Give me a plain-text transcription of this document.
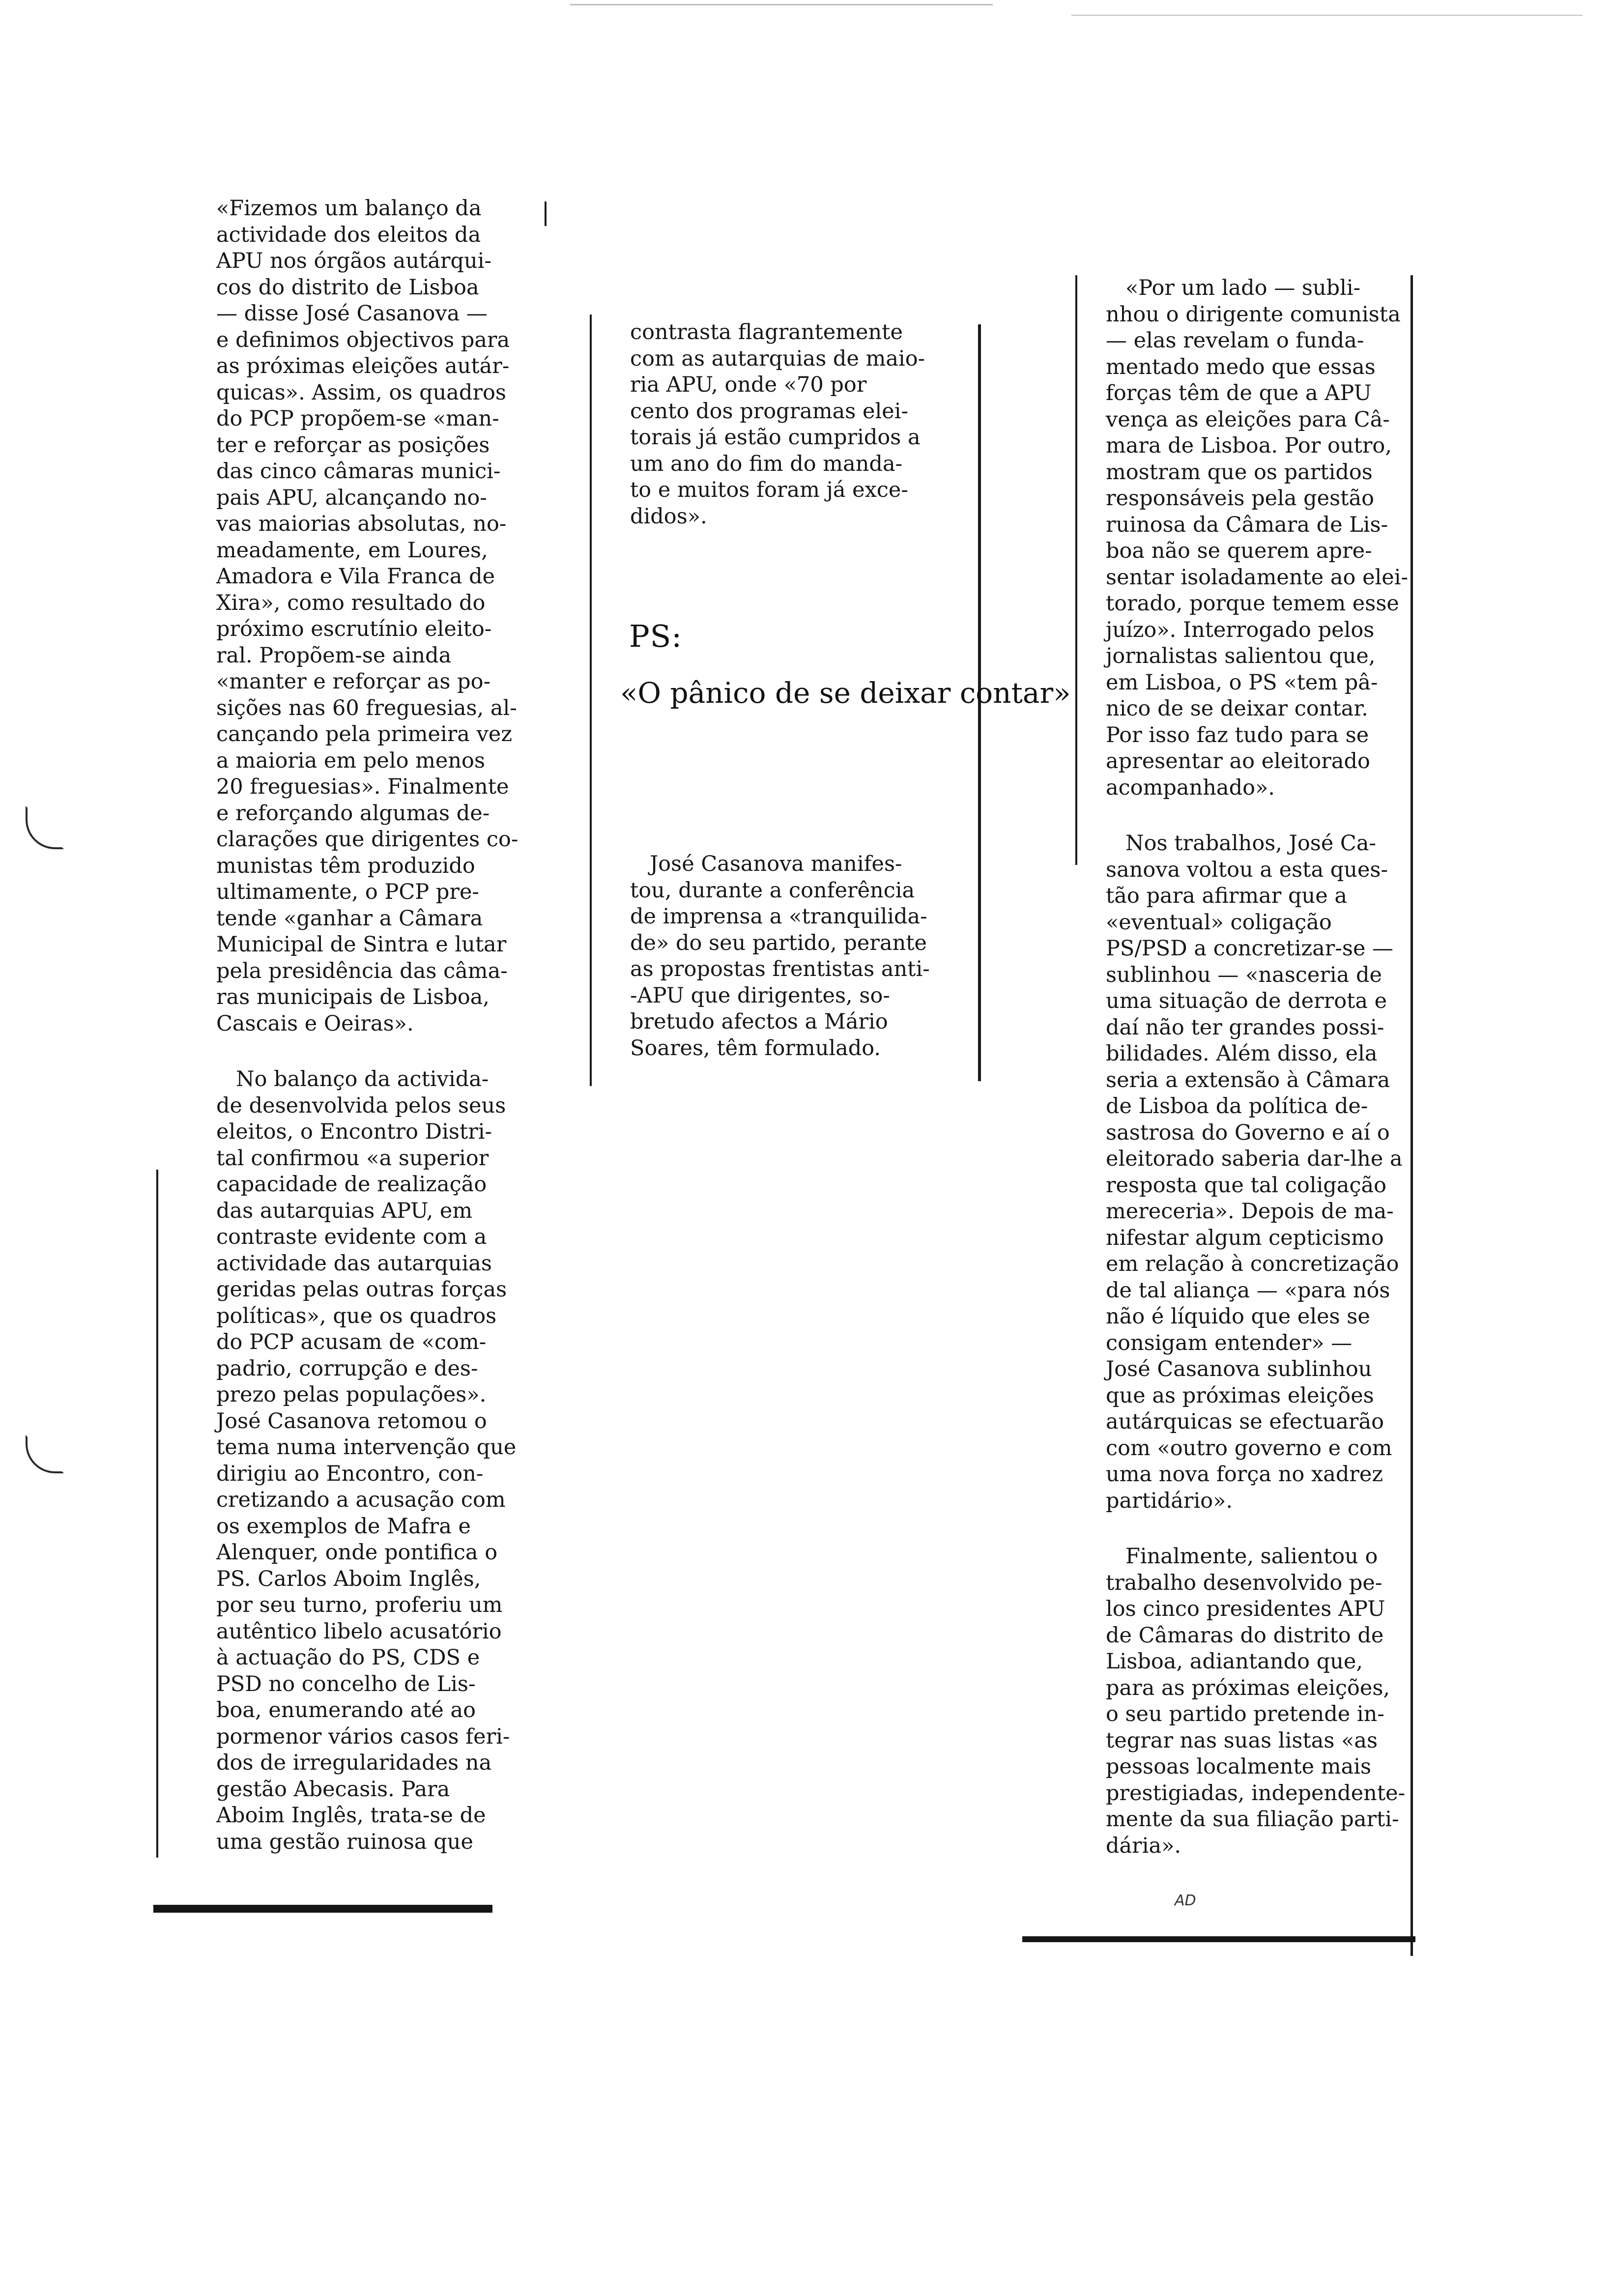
«Fizemos um balanço da
actividade dos eleitos da
APU nos órgãos autárqui-
cos do distrito de Lisboa
— disse José Casanova —
e definimos objectivos para
as próximas eleições autár-
quicas». Assim, os quadros
do PCP propõem-se «man-
ter e reforçar as posições
das cinco câmaras munici-
pais APU, alcançando no-
vas maiorias absolutas, no-
meadamente, em Loures,
Amadora e Vila Franca de
Xira», como resultado do
próximo escrutínio eleito-
ral. Propõem-se ainda
«manter e reforçar as po-
sições nas 60 freguesias, al-
cançando pela primeira vez
a maioria em pelo menos
20 freguesias». Finalmente
e reforçando algumas de-
clarações que dirigentes co-
munistas têm produzido
ultimamente, o PCP pre-
tende «ganhar a Câmara
Municipal de Sintra e lutar
pela presidência das câma-
ras municipais de Lisboa,
Cascais e Oeiras».
No balanço da activida-
de desenvolvida pelos seus
eleitos, o Encontro Distri-
tal confirmou «a superior
capacidade de realização
das autarquias APU, em
contraste evidente com a
actividade das autarquias
geridas pelas outras forças
políticas», que os quadros
do PCP acusam de «com-
padrio, corrupção e des-
prezo pelas populações».
José Casanova retomou o
tema numa intervenção que
dirigiu ao Encontro, con-
cretizando a acusação com
os exemplos de Mafra e
Alenquer, onde pontifica o
PS. Carlos Aboim Inglês,
por seu turno, proferiu um
autêntico libelo acusatório
à actuação do PS, CDS e
PSD no concelho de Lis-
boa, enumerando até ao
pormenor vários casos feri-
dos de irregularidades na
gestão Abecasis. Para
Aboim Inglês, trata-se de
uma gestão ruinosa que
contrasta flagrantemente
com as autarquias de maio-
ria APU, onde «70 por
cento dos programas elei-
torais já estão cumpridos a
um ano do fim do manda-
to e muitos foram já exce-
didos».
PS:
«O pânico de se deixar contar»
José Casanova manifes-
tou, durante a conferência
de imprensa a «tranquilida-
de» do seu partido, perante
as propostas frentistas anti-
-APU que dirigentes, so-
bretudo afectos a Mário
Soares, têm formulado.
«Por um lado — subli-
nhou o dirigente comunista
— elas revelam o funda-
mentado medo que essas
forças têm de que a APU
vença as eleições para Câ-
mara de Lisboa. Por outro,
mostram que os partidos
responsáveis pela gestão
ruinosa da Câmara de Lis-
boa não se querem apre-
sentar isoladamente ao elei-
torado, porque temem esse
juízo». Interrogado pelos
jornalistas salientou que,
em Lisboa, o PS «tem pâ-
nico de se deixar contar.
Por isso faz tudo para se
apresentar ao eleitorado
acompanhado».
Nos trabalhos, José Ca-
sanova voltou a esta ques-
tão para afirmar que a
«eventual» coligação
PS/PSD a concretizar-se —
sublinhou — «nasceria de
uma situação de derrota e
daí não ter grandes possi-
bilidades. Além disso, ela
seria a extensão à Câmara
de Lisboa da política de-
sastrosa do Governo e aí o
eleitorado saberia dar-lhe a
resposta que tal coligação
mereceria». Depois de ma-
nifestar algum cepticismo
em relação à concretização
de tal aliança — «para nós
não é líquido que eles se
consigam entender» —
José Casanova sublinhou
que as próximas eleições
autárquicas se efectuarão
com «outro governo e com
uma nova força no xadrez
partidário».
Finalmente, salientou o
trabalho desenvolvido pe-
los cinco presidentes APU
de Câmaras do distrito de
Lisboa, adiantando que,
para as próximas eleições,
o seu partido pretende in-
tegrar nas suas listas «as
pessoas localmente mais
prestigiadas, independente-
mente da sua filiação parti-
dária».
AD
